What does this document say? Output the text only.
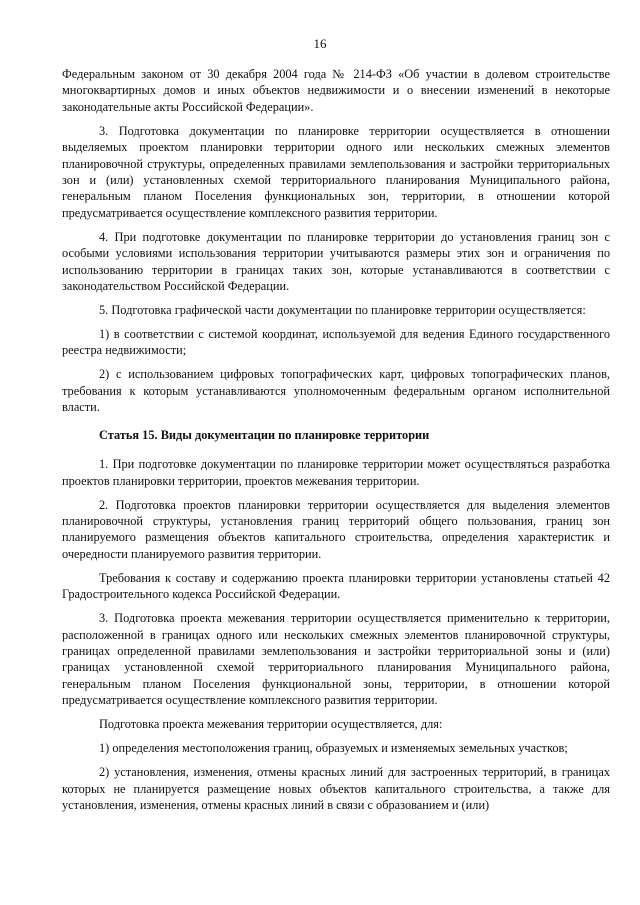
16

Федеральным законом от 30 декабря 2004 года № 214-ФЗ «Об участии в долевом строительстве многоквартирных домов и иных объектов недвижимости и о внесении изменений в некоторые законодательные акты Российской Федерации».

3. Подготовка документации по планировке территории осуществляется в отношении выделяемых проектом планировки территории одного или нескольких смежных элементов планировочной структуры, определенных правилами землепользования и застройки территориальных зон и (или) установленных схемой территориального планирования Муниципального района, генеральным планом Поселения функциональных зон, территории, в отношении которой предусматривается осуществление комплексного развития территории.

4. При подготовке документации по планировке территории до установления границ зон с особыми условиями использования территории учитываются размеры этих зон и ограничения по использованию территории в границах таких зон, которые устанавливаются в соответствии с законодательством Российской Федерации.

5. Подготовка графической части документации по планировке территории осуществляется:

1) в соответствии с системой координат, используемой для ведения Единого государственного реестра недвижимости;

2) с использованием цифровых топографических карт, цифровых топографических планов, требования к которым устанавливаются уполномоченным федеральным органом исполнительной власти.

Статья 15. Виды документации по планировке территории

1. При подготовке документации по планировке территории может осуществляться разработка проектов планировки территории, проектов межевания территории.

2. Подготовка проектов планировки территории осуществляется для выделения элементов планировочной структуры, установления границ территорий общего пользования, границ зон планируемого размещения объектов капитального строительства, определения характеристик и очередности планируемого развития территории.

Требования к составу и содержанию проекта планировки территории установлены статьей 42 Градостроительного кодекса Российской Федерации.

3. Подготовка проекта межевания территории осуществляется применительно к территории, расположенной в границах одного или нескольких смежных элементов планировочной структуры, границах определенной правилами землепользования и застройки территориальной зоны и (или) границах установленной схемой территориального планирования Муниципального района, генеральным планом Поселения функциональной зоны, территории, в отношении которой предусматривается осуществление комплексного развития территории.

Подготовка проекта межевания территории осуществляется, для:

1) определения местоположения границ, образуемых и изменяемых земельных участков;

2) установления, изменения, отмены красных линий для застроенных территорий, в границах которых не планируется размещение новых объектов капитального строительства, а также для установления, изменения, отмены красных линий в связи с образованием и (или)
